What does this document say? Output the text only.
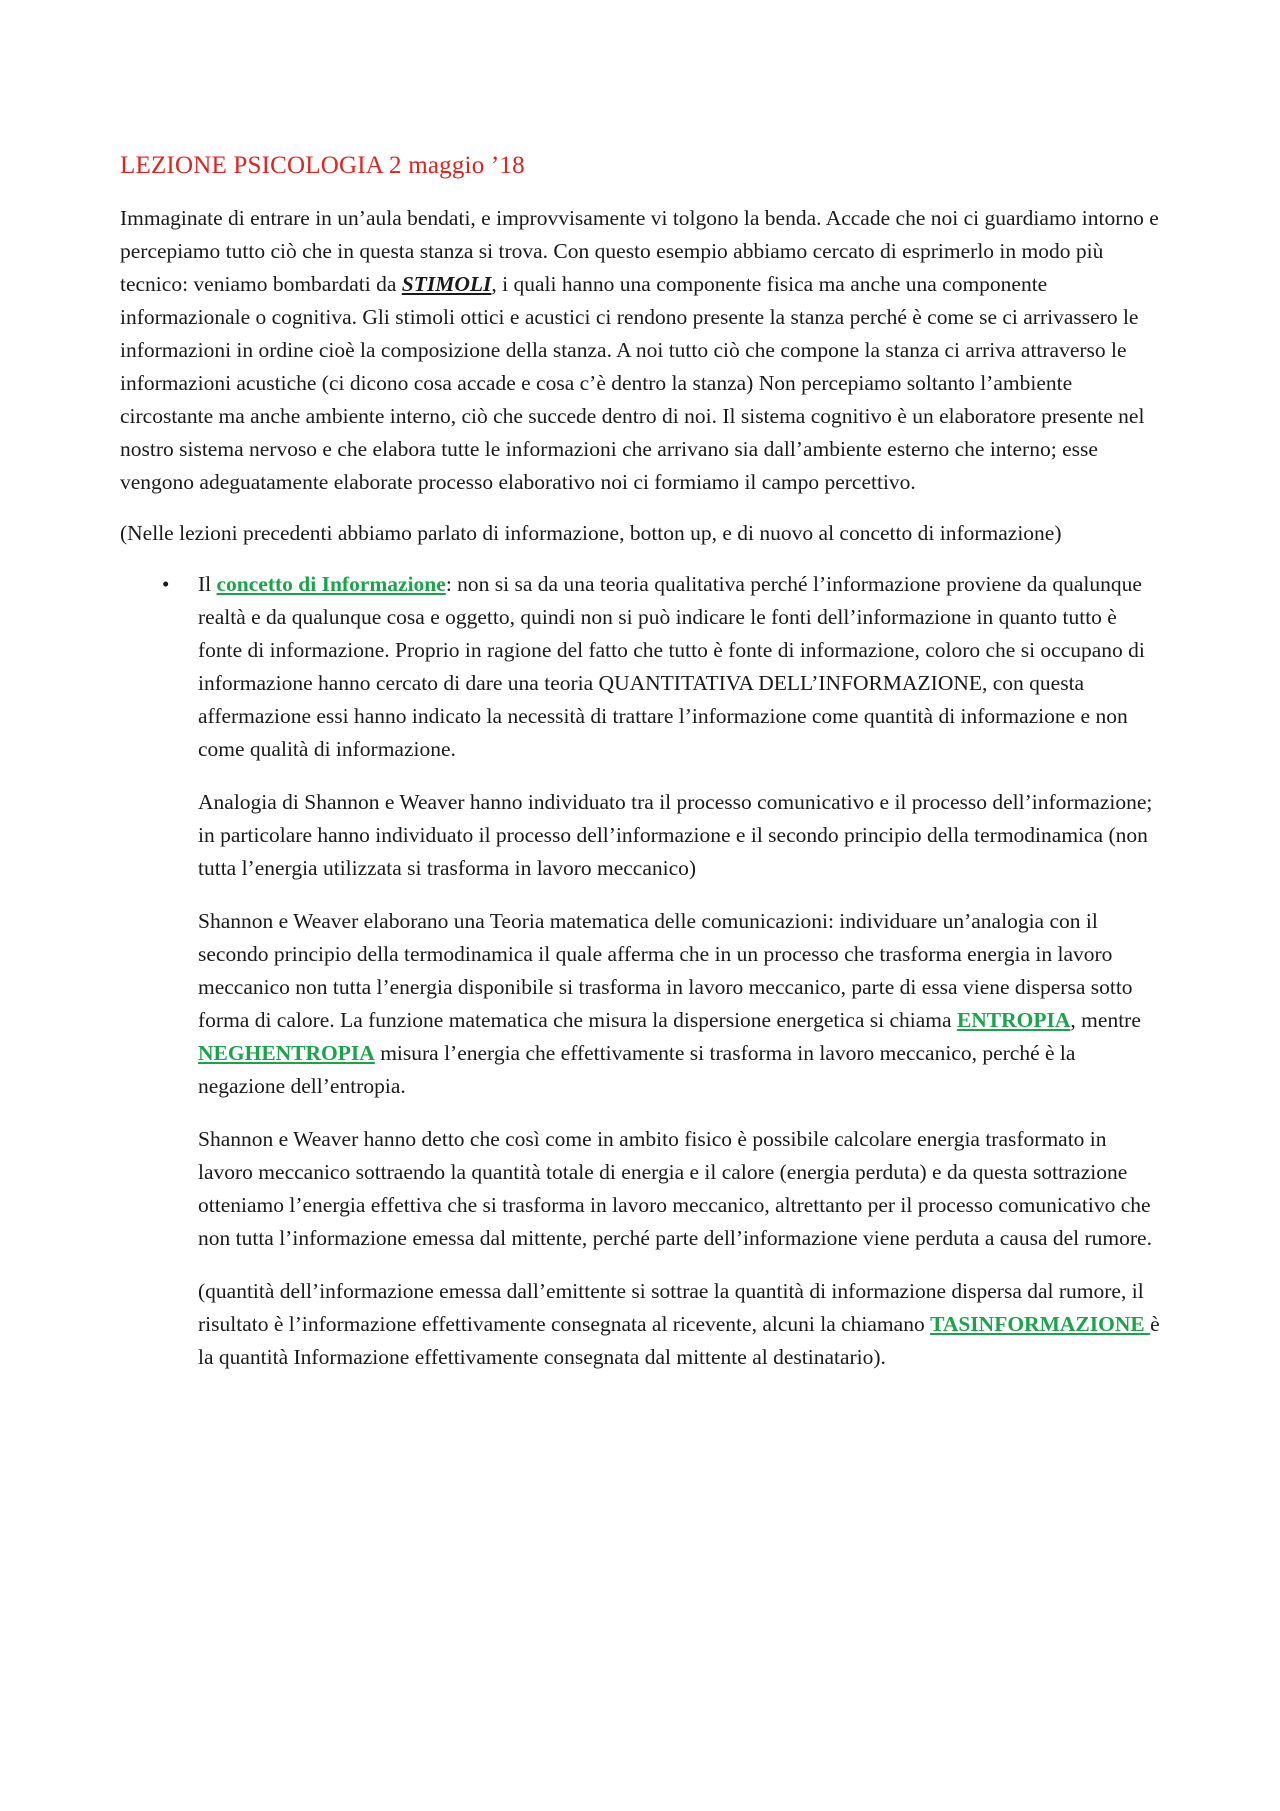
LEZIONE PSICOLOGIA 2 maggio ’18

Immaginate di entrare in un’aula bendati, e improvvisamente vi tolgono la benda. Accade che noi ci guardiamo intorno e percepiamo tutto ciò che in questa stanza si trova. Con questo esempio abbiamo cercato di esprimerlo in modo più tecnico: veniamo bombardati da STIMOLI, i quali hanno una componente fisica ma anche una componente informazionale o cognitiva. Gli stimoli ottici e acustici ci rendono presente la stanza perché è come se ci arrivassero le informazioni in ordine cioè la composizione della stanza. A noi tutto ciò che compone la stanza ci arriva attraverso le informazioni acustiche (ci dicono cosa accade e cosa c’è dentro la stanza) Non percepiamo soltanto l’ambiente circostante ma anche ambiente interno, ciò che succede dentro di noi. Il sistema cognitivo è un elaboratore presente nel nostro sistema nervoso e che elabora tutte le informazioni che arrivano sia dall’ambiente esterno che interno; esse vengono adeguatamente elaborate processo elaborativo noi ci formiamo il campo percettivo.

(Nelle lezioni precedenti abbiamo parlato di informazione, botton up, e di nuovo al concetto di informazione)

• Il concetto di Informazione: non si sa da una teoria qualitativa perché l’informazione proviene da qualunque realtà e da qualunque cosa e oggetto, quindi non si può indicare le fonti dell’informazione in quanto tutto è fonte di informazione. Proprio in ragione del fatto che tutto è fonte di informazione, coloro che si occupano di informazione hanno cercato di dare una teoria QUANTITATIVA DELL’INFORMAZIONE, con questa affermazione essi hanno indicato la necessità di trattare l’informazione come quantità di informazione e non come qualità di informazione.

Analogia di Shannon e Weaver hanno individuato tra il processo comunicativo e il processo dell’informazione; in particolare hanno individuato il processo dell’informazione e il secondo principio della termodinamica (non tutta l’energia utilizzata si trasforma in lavoro meccanico)

Shannon e Weaver elaborano una Teoria matematica delle comunicazioni: individuare un’analogia con il secondo principio della termodinamica il quale afferma che in un processo che trasforma energia in lavoro meccanico non tutta l’energia disponibile si trasforma in lavoro meccanico, parte di essa viene dispersa sotto forma di calore. La funzione matematica che misura la dispersione energetica si chiama ENTROPIA, mentre NEGHENTROPIA misura l’energia che effettivamente si trasforma in lavoro meccanico, perché è la negazione dell’entropia.

Shannon e Weaver hanno detto che così come in ambito fisico è possibile calcolare energia trasformato in lavoro meccanico sottraendo la quantità totale di energia e il calore (energia perduta) e da questa sottrazione otteniamo l’energia effettiva che si trasforma in lavoro meccanico, altrettanto per il processo comunicativo che non tutta l’informazione emessa dal mittente, perché parte dell’informazione viene perduta a causa del rumore.

(quantità dell’informazione emessa dall’emittente si sottrae la quantità di informazione dispersa dal rumore, il risultato è l’informazione effettivamente consegnata al ricevente, alcuni la chiamano TASINFORMAZIONE è la quantità Informazione effettivamente consegnata dal mittente al destinatario).
